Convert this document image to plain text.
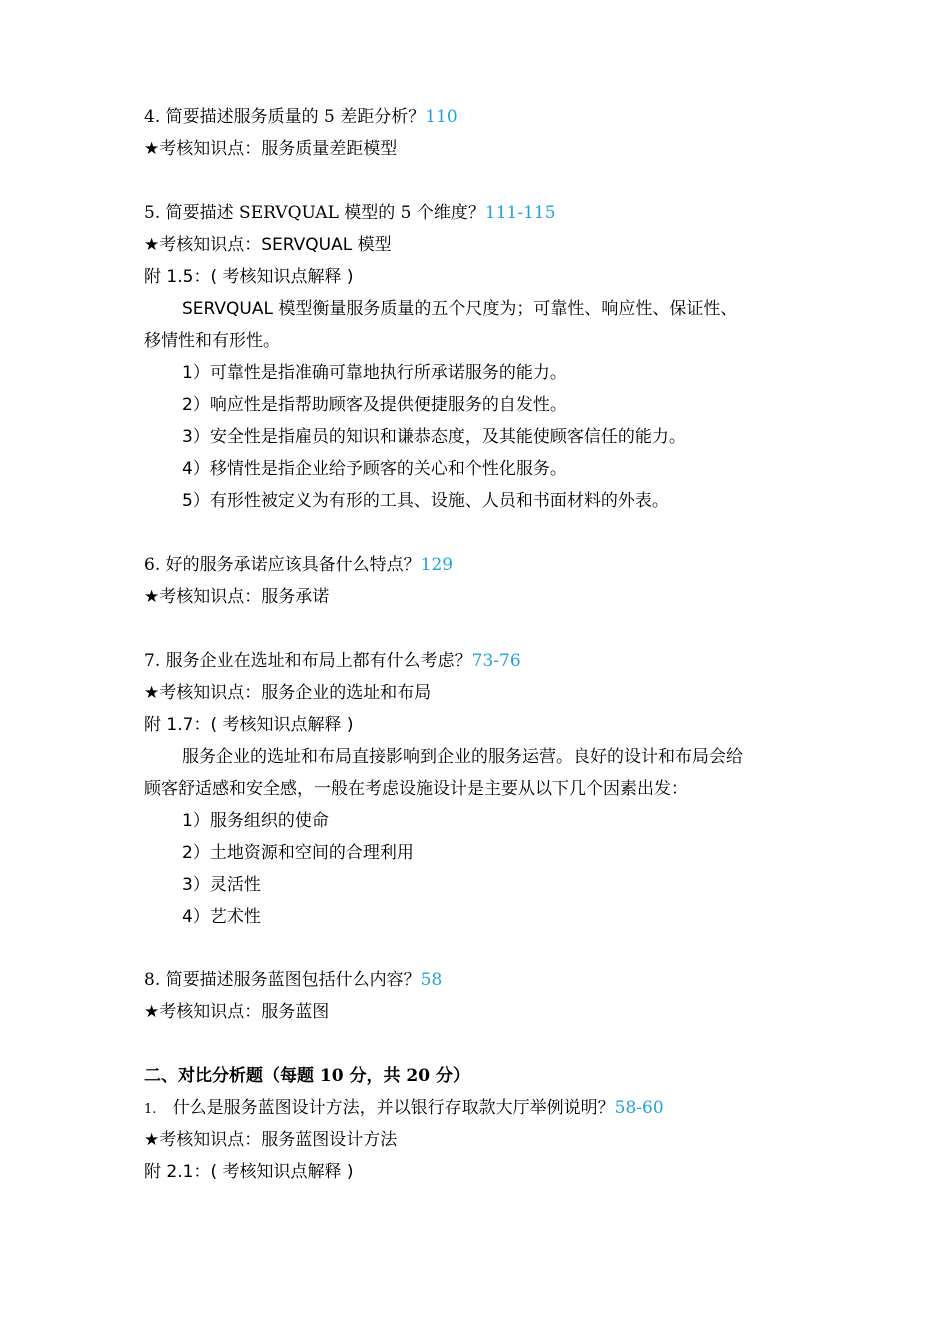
4. 简要描述服务质量的 5 差距分析？110
★考核知识点：服务质量差距模型
5. 简要描述 SERVQUAL 模型的 5 个维度？111-115
★考核知识点：SERVQUAL 模型
附 1.5：( 考核知识点解释 )
SERVQUAL 模型衡量服务质量的五个尺度为；可靠性、响应性、保证性、
移情性和有形性。
1）可靠性是指准确可靠地执行所承诺服务的能力。
2）响应性是指帮助顾客及提供便捷服务的自发性。
3）安全性是指雇员的知识和谦恭态度，及其能使顾客信任的能力。
4）移情性是指企业给予顾客的关心和个性化服务。
5）有形性被定义为有形的工具、设施、人员和书面材料的外表。
6. 好的服务承诺应该具备什么特点？129
★考核知识点：服务承诺
7. 服务企业在选址和布局上都有什么考虑？73-76
★考核知识点：服务企业的选址和布局
附 1.7：( 考核知识点解释 )
服务企业的选址和布局直接影响到企业的服务运营。良好的设计和布局会给
顾客舒适感和安全感，一般在考虑设施设计是主要从以下几个因素出发：
1）服务组织的使命
2）土地资源和空间的合理利用
3）灵活性
4）艺术性
8. 简要描述服务蓝图包括什么内容？58
★考核知识点：服务蓝图
二、对比分析题（每题 10 分，共 20 分）
1. 什么是服务蓝图设计方法，并以银行存取款大厅举例说明？58-60
★考核知识点：服务蓝图设计方法
附 2.1：( 考核知识点解释 )
